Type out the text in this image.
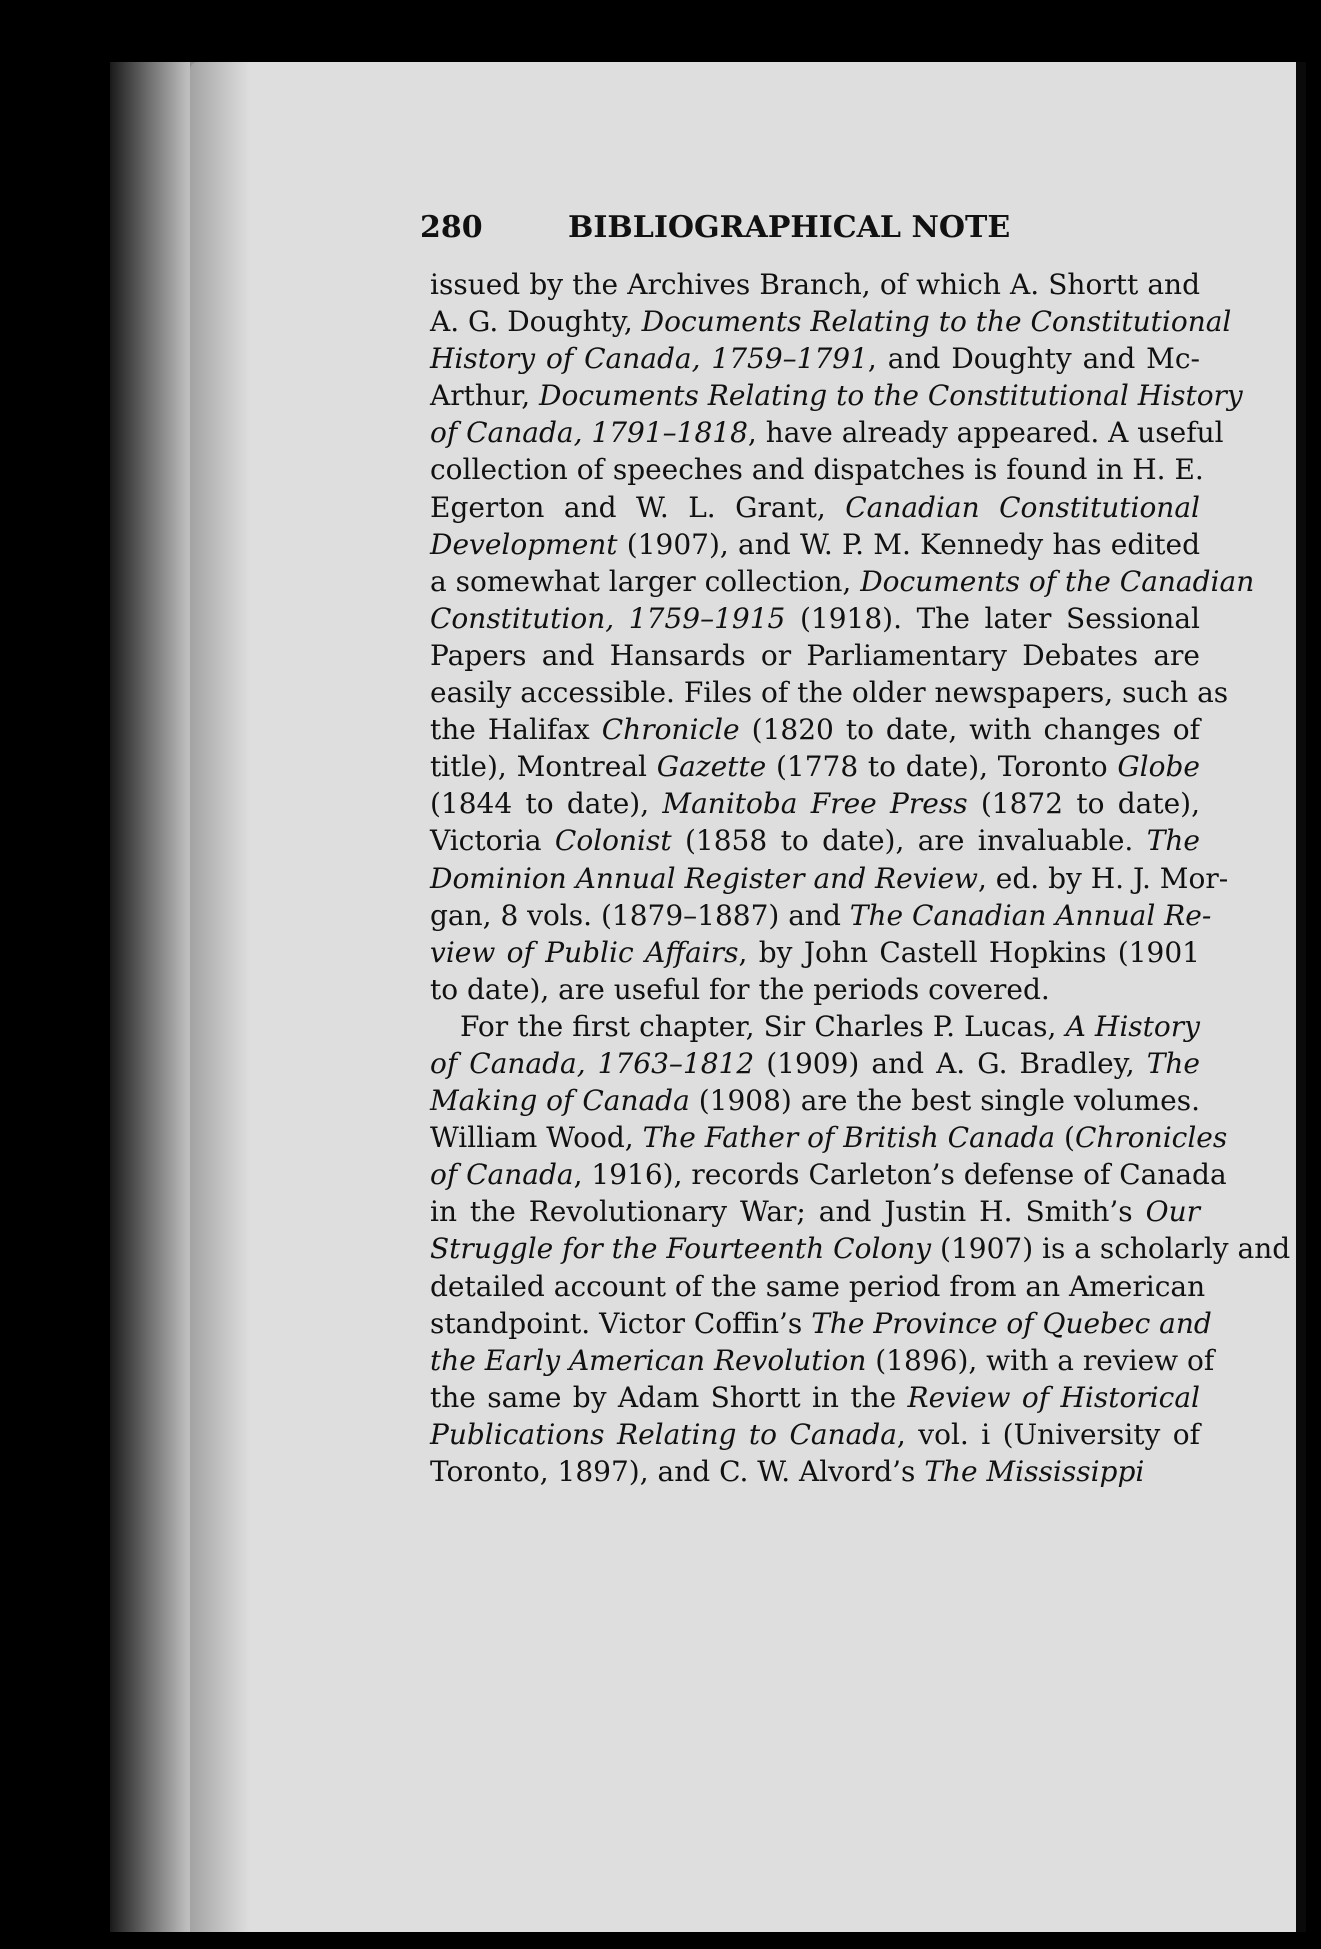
280	BIBLIOGRAPHICAL NOTE
issued by the Archives Branch, of which A. Shortt and
A. G. Doughty, Documents Relating to the Constitutional
History of Canada, 1759–1791, and Doughty and Mc-
Arthur, Documents Relating to the Constitutional History
of Canada, 1791–1818, have already appeared. A useful
collection of speeches and dispatches is found in H. E.
Egerton and W. L. Grant, Canadian Constitutional
Development (1907), and W. P. M. Kennedy has edited
a somewhat larger collection, Documents of the Canadian
Constitution, 1759–1915 (1918). The later Sessional
Papers and Hansards or Parliamentary Debates are
easily accessible. Files of the older newspapers, such as
the Halifax Chronicle (1820 to date, with changes of
title), Montreal Gazette (1778 to date), Toronto Globe
(1844 to date), Manitoba Free Press (1872 to date),
Victoria Colonist (1858 to date), are invaluable. The
Dominion Annual Register and Review, ed. by H. J. Mor-
gan, 8 vols. (1879–1887) and The Canadian Annual Re-
view of Public Affairs, by John Castell Hopkins (1901
to date), are useful for the periods covered.
For the first chapter, Sir Charles P. Lucas, A History
of Canada, 1763–1812 (1909) and A. G. Bradley, The
Making of Canada (1908) are the best single volumes.
William Wood, The Father of British Canada (Chronicles
of Canada, 1916), records Carleton’s defense of Canada
in the Revolutionary War; and Justin H. Smith’s Our
Struggle for the Fourteenth Colony (1907) is a scholarly and
detailed account of the same period from an American
standpoint. Victor Coffin’s The Province of Quebec and
the Early American Revolution (1896), with a review of
the same by Adam Shortt in the Review of Historical
Publications Relating to Canada, vol. i (University of
Toronto, 1897), and C. W. Alvord’s The Mississippi
